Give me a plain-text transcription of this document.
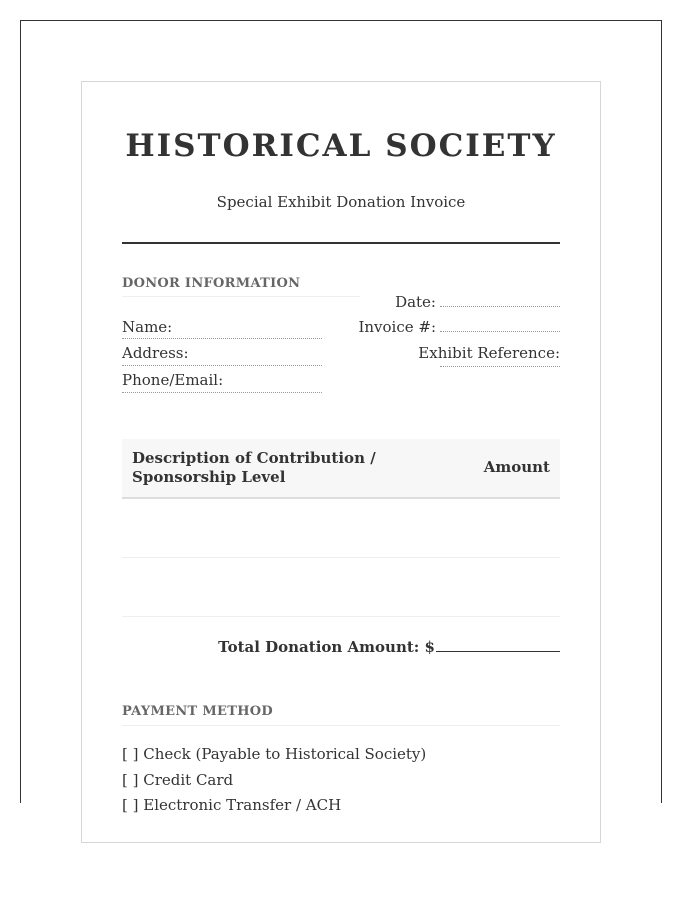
HISTORICAL SOCIETY
Special Exhibit Donation Invoice
DONOR INFORMATION
Name:
Address:
Phone/Email:
Date:
Invoice #:
Exhibit Reference:
Description of Contribution / Sponsorship Level
Amount
Total Donation Amount: $
PAYMENT METHOD
[ ] Check (Payable to Historical Society)
[ ] Credit Card
[ ] Electronic Transfer / ACH
